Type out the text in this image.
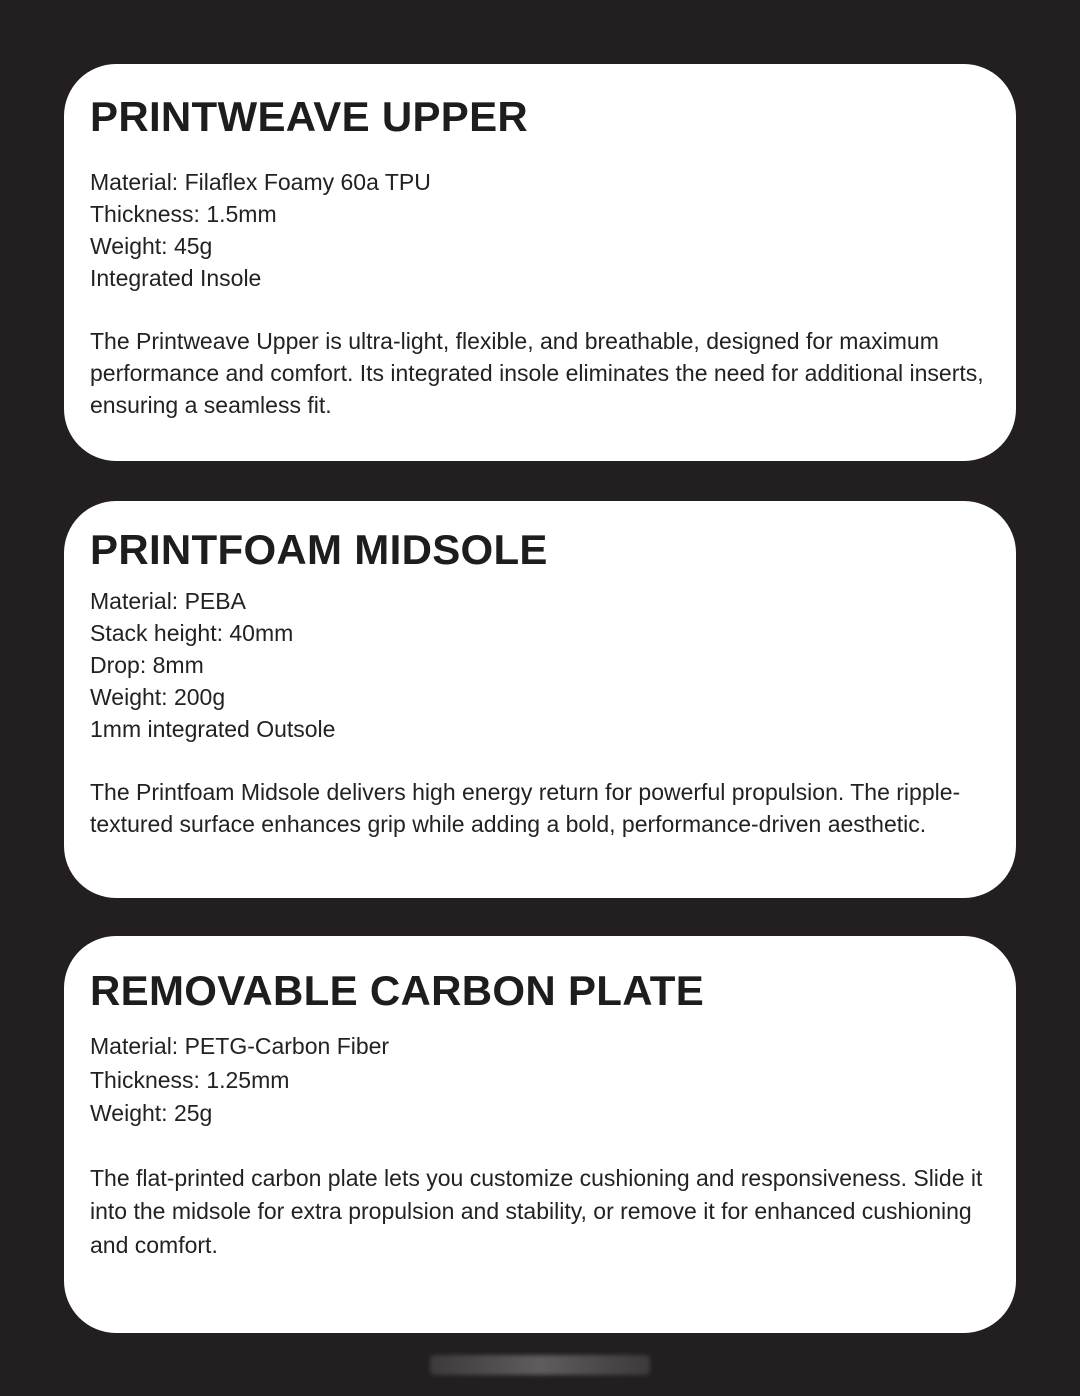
PRINTWEAVE UPPER
Material: Filaflex Foamy 60a TPU
Thickness: 1.5mm
Weight: 45g
Integrated Insole

The Printweave Upper is ultra-light, flexible, and breathable, designed for maximum performance and comfort. Its integrated insole eliminates the need for additional inserts, ensuring a seamless fit.

PRINTFOAM MIDSOLE
Material: PEBA
Stack height: 40mm
Drop: 8mm
Weight: 200g
1mm integrated Outsole

The Printfoam Midsole delivers high energy return for powerful propulsion. The ripple-textured surface enhances grip while adding a bold, performance-driven aesthetic.

REMOVABLE CARBON PLATE
Material: PETG-Carbon Fiber
Thickness: 1.25mm
Weight: 25g

The flat-printed carbon plate lets you customize cushioning and responsiveness. Slide it into the midsole for extra propulsion and stability, or remove it for enhanced cushioning and comfort.
